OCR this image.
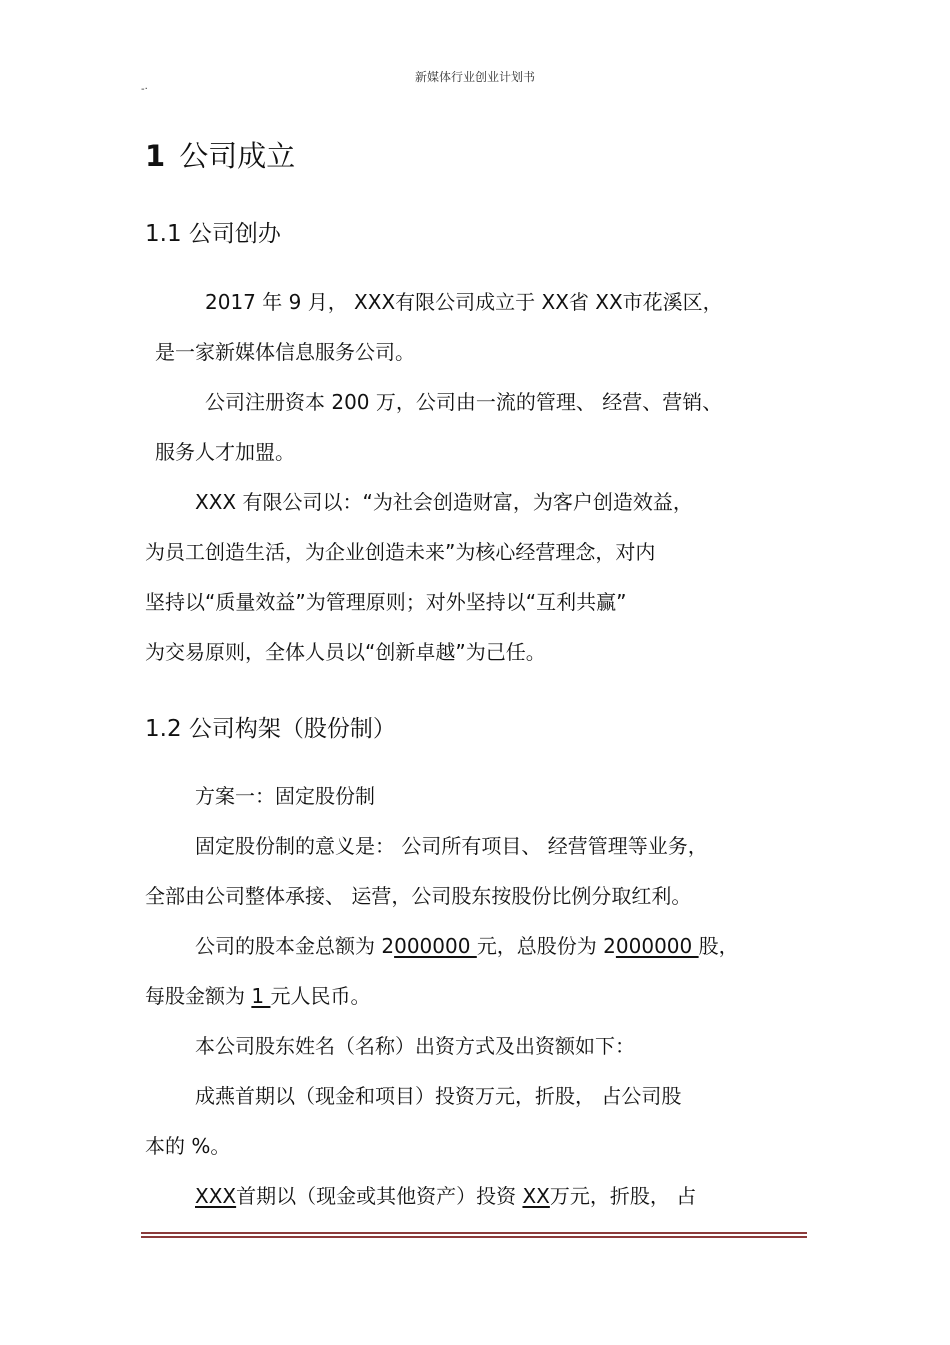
新媒体行业创业计划书
-·
1 公司成立
1.1 公司创办
2017 年 9 月， XXX有限公司成立于 XX省 XX市花溪区，
是一家新媒体信息服务公司。
公司注册资本 200 万，公司由一流的管理、 经营、营销、
服务人才加盟。
XXX 有限公司以：“为社会创造财富，为客户创造效益，
为员工创造生活，为企业创造未来”为核心经营理念，对内
坚持以“质量效益”为管理原则；对外坚持以“互利共赢”
为交易原则，全体人员以“创新卓越”为己任。
1.2 公司构架（股份制）
方案一：固定股份制
固定股份制的意义是： 公司所有项目、 经营管理等业务，
全部由公司整体承接、 运营，公司股东按股份比例分取红利。
公司的股本金总额为 2000000 元，总股份为 2000000 股，
每股金额为 1 元人民币。
本公司股东姓名（名称）出资方式及出资额如下：
成燕首期以（现金和项目）投资万元，折股， 占公司股
本的 %。
XXX首期以（现金或其他资产）投资 XX万元，折股， 占
